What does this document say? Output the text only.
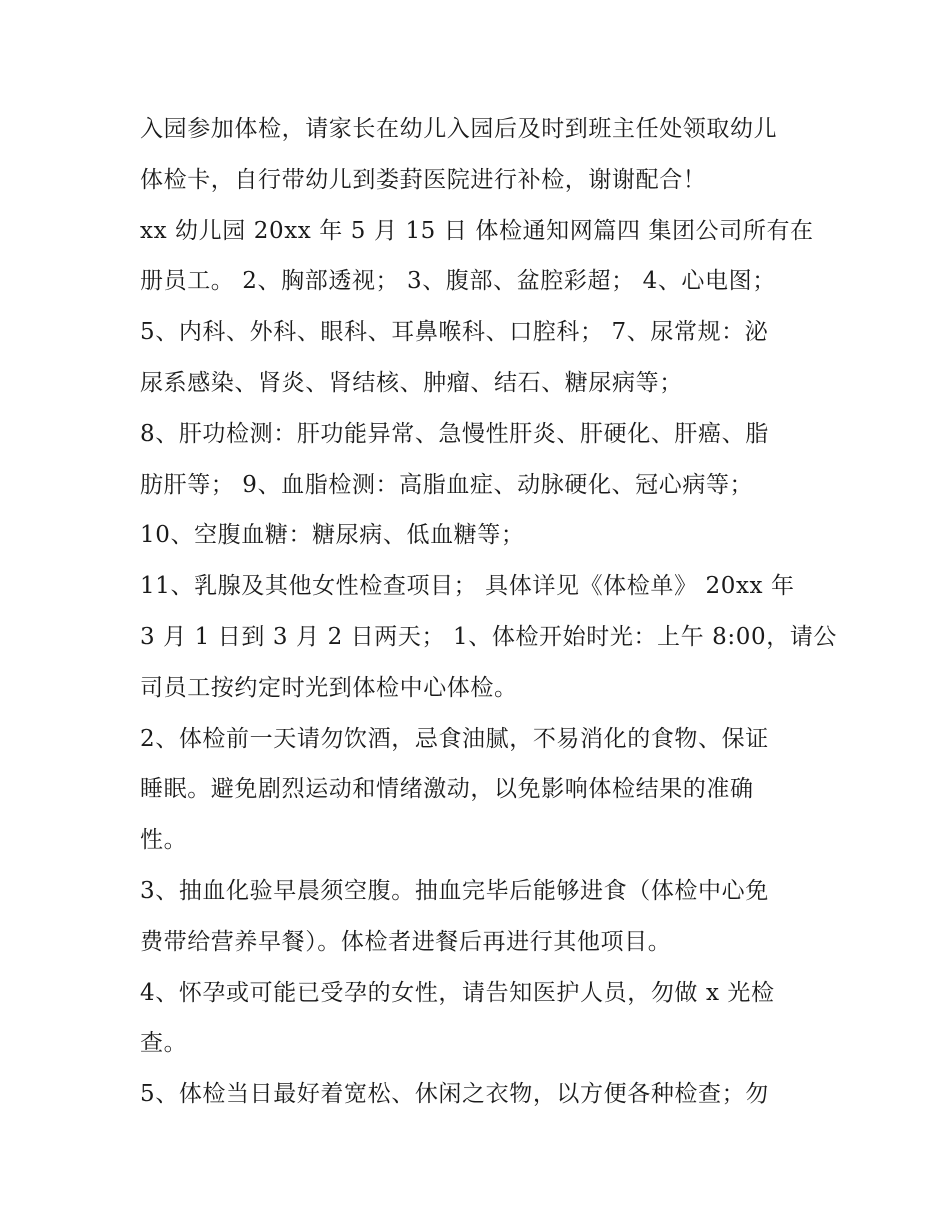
入园参加体检，请家长在幼儿入园后及时到班主任处领取幼儿
体检卡，自行带幼儿到娄葑医院进行补检，谢谢配合！
xx 幼儿园 20xx 年 5 月 15 日 体检通知网篇四 集团公司所有在
册员工。 2、胸部透视； 3、腹部、盆腔彩超； 4、心电图；
5、内科、外科、眼科、耳鼻喉科、口腔科； 7、尿常规：泌
尿系感染、肾炎、肾结核、肿瘤、结石、糖尿病等；
8、肝功检测：肝功能异常、急慢性肝炎、肝硬化、肝癌、脂
肪肝等； 9、血脂检测：高脂血症、动脉硬化、冠心病等；
10、空腹血糖：糖尿病、低血糖等；
11、乳腺及其他女性检查项目； 具体详见《体检单》 20xx 年
3 月 1 日到 3 月 2 日两天； 1、体检开始时光：上午 8:00，请公
司员工按约定时光到体检中心体检。
2、体检前一天请勿饮酒，忌食油腻，不易消化的食物、保证
睡眠。避免剧烈运动和情绪激动，以免影响体检结果的准确
性。
3、抽血化验早晨须空腹。抽血完毕后能够进食（体检中心免
费带给营养早餐）。体检者进餐后再进行其他项目。
4、怀孕或可能已受孕的女性，请告知医护人员，勿做 x 光检
查。
5、体检当日最好着宽松、休闲之衣物，以方便各种检查；勿
